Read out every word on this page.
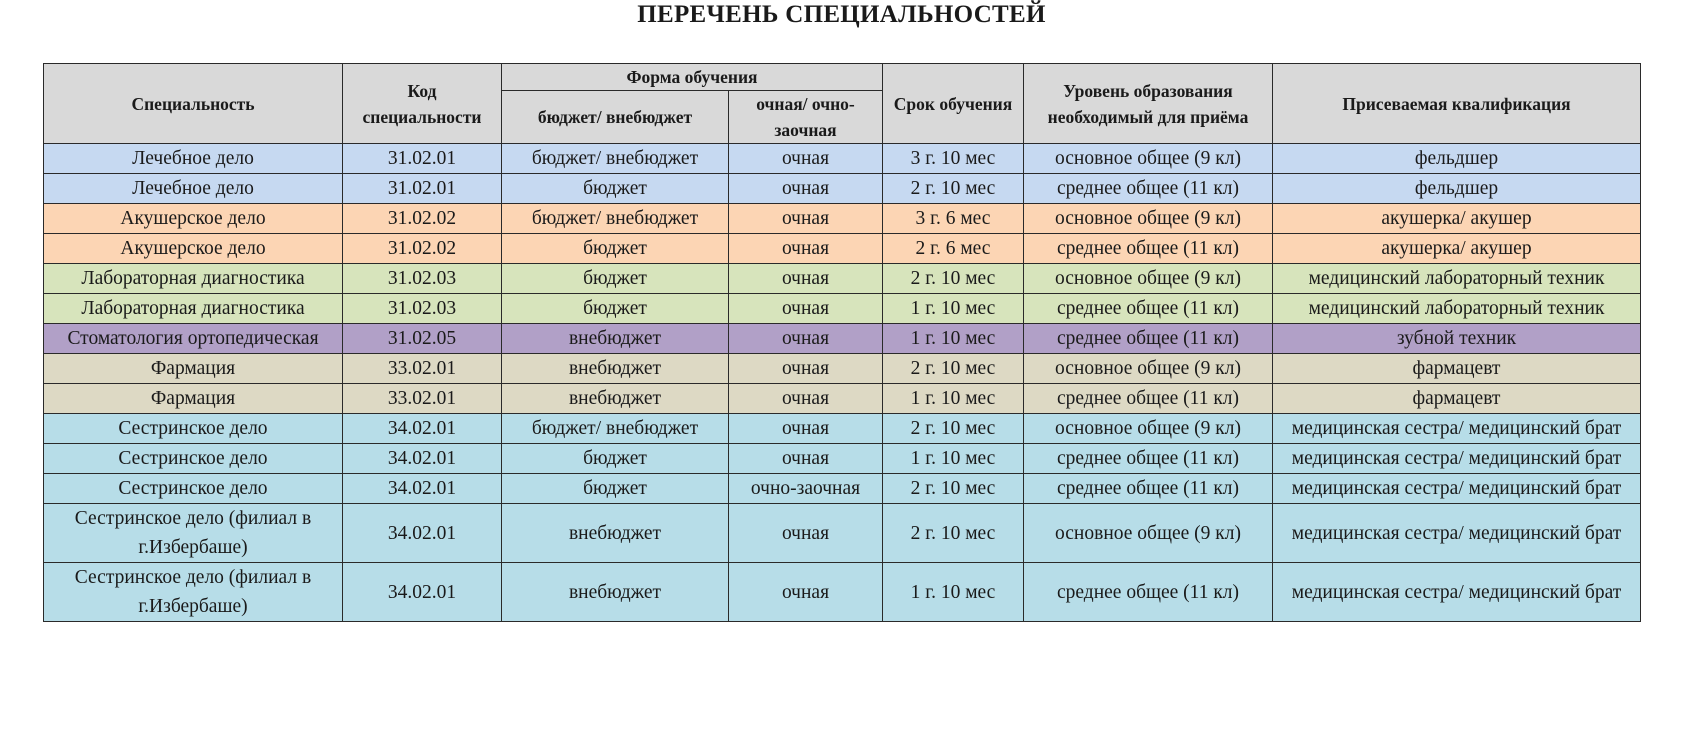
ПЕРЕЧЕНЬ СПЕЦИАЛЬНОСТЕЙ
Специальность	Код специальности	Форма обучения		Срок обучения	Уровень образования необходимый для приёма	Присеваемая квалификация
		бюджет/ внебюджет	очная/ очно-заочная			
Лечебное дело	31.02.01	бюджет/ внебюджет	очная	3 г. 10 мес	основное общее (9 кл)	фельдшер
Лечебное дело	31.02.01	бюджет	очная	2 г. 10 мес	среднее общее (11 кл)	фельдшер
Акушерское дело	31.02.02	бюджет/ внебюджет	очная	3 г. 6 мес	основное общее (9 кл)	акушерка/ акушер
Акушерское дело	31.02.02	бюджет	очная	2 г. 6 мес	среднее общее (11 кл)	акушерка/ акушер
Лабораторная диагностика	31.02.03	бюджет	очная	2 г. 10 мес	основное общее (9 кл)	медицинский лабораторный техник
Лабораторная диагностика	31.02.03	бюджет	очная	1 г. 10 мес	среднее общее (11 кл)	медицинский лабораторный техник
Стоматология ортопедическая	31.02.05	внебюджет	очная	1 г. 10 мес	среднее общее (11 кл)	зубной техник
Фармация	33.02.01	внебюджет	очная	2 г. 10 мес	основное общее (9 кл)	фармацевт
Фармация	33.02.01	внебюджет	очная	1 г. 10 мес	среднее общее (11 кл)	фармацевт
Сестринское дело	34.02.01	бюджет/ внебюджет	очная	2 г. 10 мес	основное общее (9 кл)	медицинская сестра/ медицинский брат
Сестринское дело	34.02.01	бюджет	очная	1 г. 10 мес	среднее общее (11 кл)	медицинская сестра/ медицинский брат
Сестринское дело	34.02.01	бюджет	очно-заочная	2 г. 10 мес	среднее общее (11 кл)	медицинская сестра/ медицинский брат
Сестринское дело (филиал в г.Избербаше)	34.02.01	внебюджет	очная	2 г. 10 мес	основное общее (9 кл)	медицинская сестра/ медицинский брат
Сестринское дело (филиал в г.Избербаше)	34.02.01	внебюджет	очная	1 г. 10 мес	среднее общее (11 кл)	медицинская сестра/ медицинский брат
